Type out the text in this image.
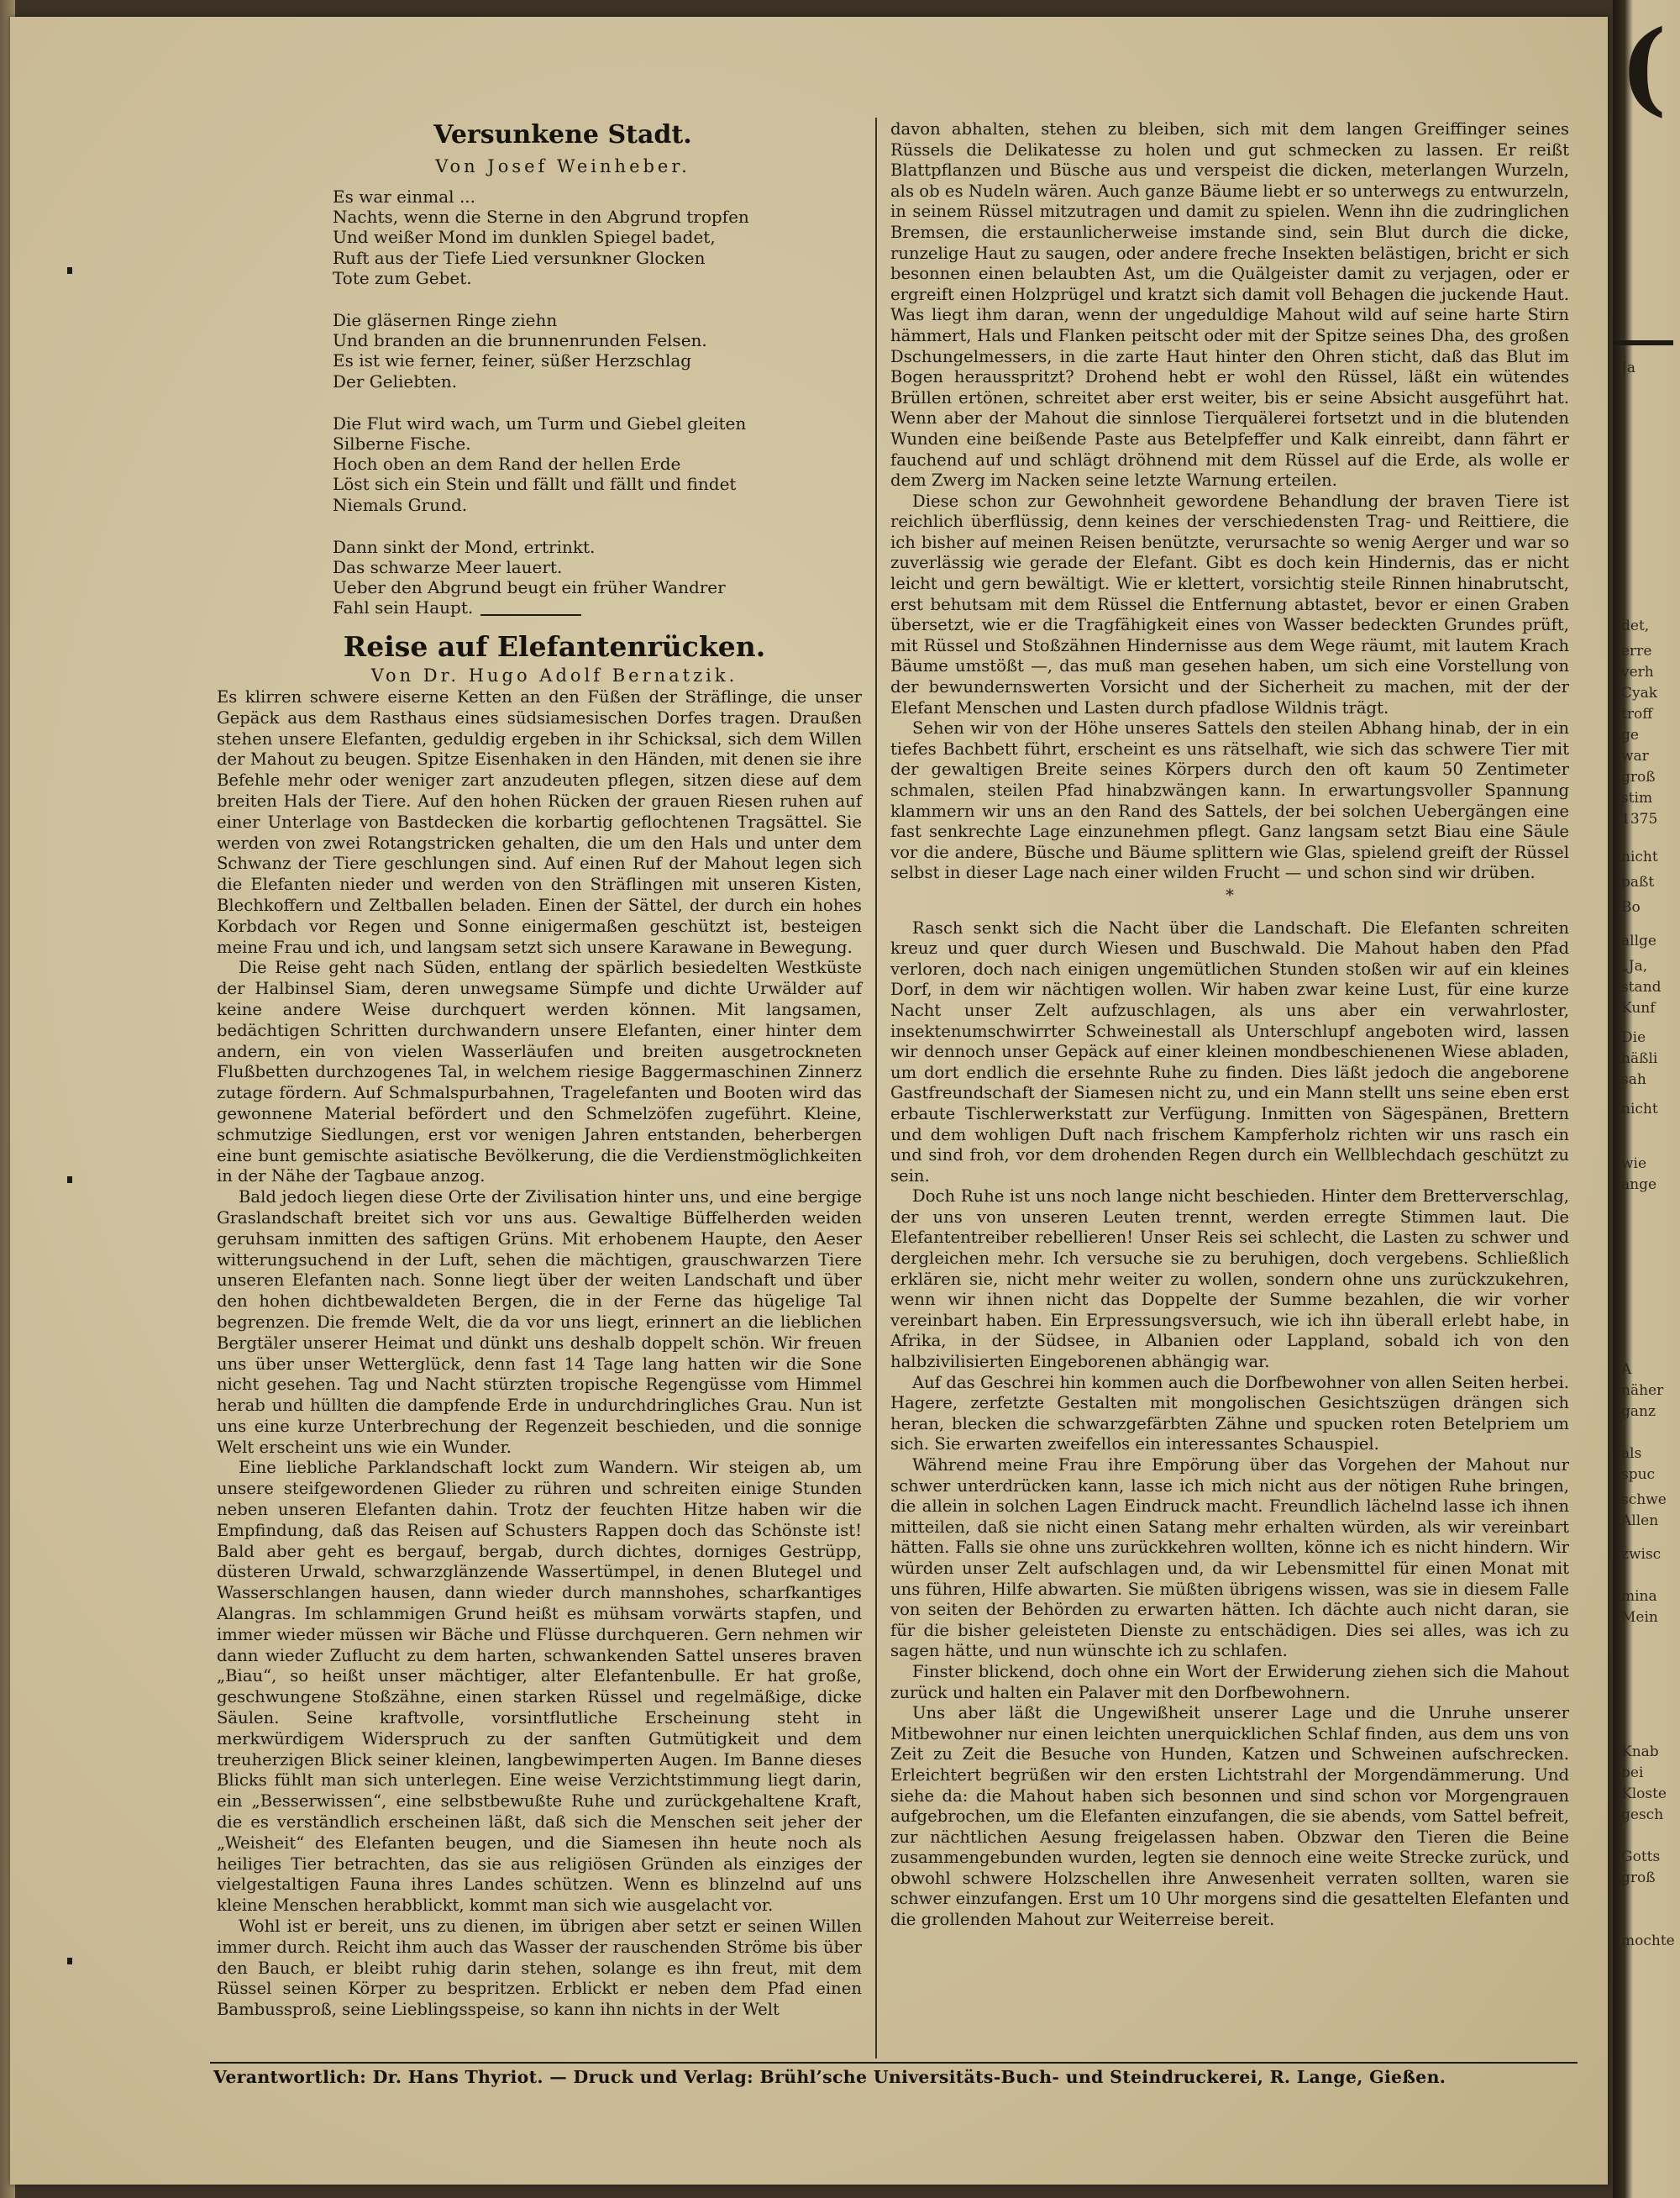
Versunkene Stadt.
Von Josef Weinheber.
Es war einmal ...
Nachts, wenn die Sterne in den Abgrund tropfen
Und weißer Mond im dunklen Spiegel badet,
Ruft aus der Tiefe Lied versunkner Glocken
Tote zum Gebet.
Die gläsernen Ringe ziehn
Und branden an die brunnenrunden Felsen.
Es ist wie ferner, feiner, süßer Herzschlag
Der Geliebten.
Die Flut wird wach, um Turm und Giebel gleiten
Silberne Fische.
Hoch oben an dem Rand der hellen Erde
Löst sich ein Stein und fällt und fällt und findet
Niemals Grund.
Dann sinkt der Mond, ertrinkt.
Das schwarze Meer lauert.
Ueber den Abgrund beugt ein früher Wandrer
Fahl sein Haupt.
Reise auf Elefantenrücken.
Von Dr. Hugo Adolf Bernatzik.

Es klirren schwere eiserne Ketten an den Füßen der Sträflinge, die unser Gepäck aus dem Rasthaus eines südsiamesischen Dorfes tragen. Draußen stehen unsere Elefanten, geduldig ergeben in ihr Schicksal, sich dem Willen der Mahout zu beugen. Spitze Eisenhaken in den Händen, mit denen sie ihre Befehle mehr oder weniger zart anzudeuten pflegen, sitzen diese auf dem breiten Hals der Tiere. Auf den hohen Rücken der grauen Riesen ruhen auf einer Unterlage von Bastdecken die korbartig geflochtenen Tragsättel. Sie werden von zwei Rotangstricken gehalten, die um den Hals und unter dem Schwanz der Tiere geschlungen sind. Auf einen Ruf der Mahout legen sich die Elefanten nieder und werden von den Sträflingen mit unseren Kisten, Blechkoffern und Zeltballen beladen. Einen der Sättel, der durch ein hohes Korbdach vor Regen und Sonne einigermaßen geschützt ist, besteigen meine Frau und ich, und langsam setzt sich unsere Karawane in Bewegung.

Die Reise geht nach Süden, entlang der spärlich besiedelten Westküste der Halbinsel Siam, deren unwegsame Sümpfe und dichte Urwälder auf keine andere Weise durchquert werden können. Mit langsamen, bedächtigen Schritten durchwandern unsere Elefanten, einer hinter dem andern, ein von vielen Wasserläufen und breiten ausgetrockneten Flußbetten durchzogenes Tal, in welchem riesige Baggermaschinen Zinnerz zutage fördern. Auf Schmalspurbahnen, Tragelefanten und Booten wird das gewonnene Material befördert und den Schmelzöfen zugeführt. Kleine, schmutzige Siedlungen, erst vor wenigen Jahren entstanden, beherbergen eine bunt gemischte asiatische Bevölkerung, die die Verdienstmöglichkeiten in der Nähe der Tagbaue anzog.

Bald jedoch liegen diese Orte der Zivilisation hinter uns, und eine bergige Graslandschaft breitet sich vor uns aus. Gewaltige Büffelherden weiden geruhsam inmitten des saftigen Grüns. Mit erhobenem Haupte, den Aeser witterungsuchend in der Luft, sehen die mächtigen, grauschwarzen Tiere unseren Elefanten nach. Sonne liegt über der weiten Landschaft und über den hohen dichtbewaldeten Bergen, die in der Ferne das hügelige Tal begrenzen. Die fremde Welt, die da vor uns liegt, erinnert an die lieblichen Bergtäler unserer Heimat und dünkt uns deshalb doppelt schön. Wir freuen uns über unser Wetterglück, denn fast 14 Tage lang hatten wir die Sone nicht gesehen. Tag und Nacht stürzten tropische Regengüsse vom Himmel herab und hüllten die dampfende Erde in undurchdringliches Grau. Nun ist uns eine kurze Unterbrechung der Regenzeit beschieden, und die sonnige Welt erscheint uns wie ein Wunder.

Eine liebliche Parklandschaft lockt zum Wandern. Wir steigen ab, um unsere steifgewordenen Glieder zu rühren und schreiten einige Stunden neben unseren Elefanten dahin. Trotz der feuchten Hitze haben wir die Empfindung, daß das Reisen auf Schusters Rappen doch das Schönste ist! Bald aber geht es bergauf, bergab, durch dichtes, dorniges Gestrüpp, düsteren Urwald, schwarzglänzende Wassertümpel, in denen Blutegel und Wasserschlangen hausen, dann wieder durch mannshohes, scharfkantiges Alangras. Im schlammigen Grund heißt es mühsam vorwärts stapfen, und immer wieder müssen wir Bäche und Flüsse durchqueren. Gern nehmen wir dann wieder Zuflucht zu dem harten, schwankenden Sattel unseres braven „Biau“, so heißt unser mächtiger, alter Elefantenbulle. Er hat große, geschwungene Stoßzähne, einen starken Rüssel und regelmäßige, dicke Säulen. Seine kraftvolle, vorsintflutliche Erscheinung steht in merkwürdigem Widerspruch zu der sanften Gutmütigkeit und dem treuherzigen Blick seiner kleinen, langbewimperten Augen. Im Banne dieses Blicks fühlt man sich unterlegen. Eine weise Verzichtstimmung liegt darin, ein „Besserwissen“, eine selbstbewußte Ruhe und zurückgehaltene Kraft, die es verständlich erscheinen läßt, daß sich die Menschen seit jeher der „Weisheit“ des Elefanten beugen, und die Siamesen ihn heute noch als heiliges Tier betrachten, das sie aus religiösen Gründen als einziges der vielgestaltigen Fauna ihres Landes schützen. Wenn es blinzelnd auf uns kleine Menschen herabblickt, kommt man sich wie ausgelacht vor.

Wohl ist er bereit, uns zu dienen, im übrigen aber setzt er seinen Willen immer durch. Reicht ihm auch das Wasser der rauschenden Ströme bis über den Bauch, er bleibt ruhig darin stehen, solange es ihn freut, mit dem Rüssel seinen Körper zu bespritzen. Erblickt er neben dem Pfad einen Bambussproß, seine Lieblingsspeise, so kann ihn nichts in der Welt

davon abhalten, stehen zu bleiben, sich mit dem langen Greiffinger seines Rüssels die Delikatesse zu holen und gut schmecken zu lassen. Er reißt Blattpflanzen und Büsche aus und verspeist die dicken, meterlangen Wurzeln, als ob es Nudeln wären. Auch ganze Bäume liebt er so unterwegs zu entwurzeln, in seinem Rüssel mitzutragen und damit zu spielen. Wenn ihn die zudringlichen Bremsen, die erstaunlicherweise imstande sind, sein Blut durch die dicke, runzelige Haut zu saugen, oder andere freche Insekten belästigen, bricht er sich besonnen einen belaubten Ast, um die Quälgeister damit zu verjagen, oder er ergreift einen Holzprügel und kratzt sich damit voll Behagen die juckende Haut. Was liegt ihm daran, wenn der ungeduldige Mahout wild auf seine harte Stirn hämmert, Hals und Flanken peitscht oder mit der Spitze seines Dha, des großen Dschungelmessers, in die zarte Haut hinter den Ohren sticht, daß das Blut im Bogen herausspritzt? Drohend hebt er wohl den Rüssel, läßt ein wütendes Brüllen ertönen, schreitet aber erst weiter, bis er seine Absicht ausgeführt hat. Wenn aber der Mahout die sinnlose Tierquälerei fortsetzt und in die blutenden Wunden eine beißende Paste aus Betelpfeffer und Kalk einreibt, dann fährt er fauchend auf und schlägt dröhnend mit dem Rüssel auf die Erde, als wolle er dem Zwerg im Nacken seine letzte Warnung erteilen.

Diese schon zur Gewohnheit gewordene Behandlung der braven Tiere ist reichlich überflüssig, denn keines der verschiedensten Trag- und Reittiere, die ich bisher auf meinen Reisen benützte, verursachte so wenig Aerger und war so zuverlässig wie gerade der Elefant. Gibt es doch kein Hindernis, das er nicht leicht und gern bewältigt. Wie er klettert, vorsichtig steile Rinnen hinabrutscht, erst behutsam mit dem Rüssel die Entfernung abtastet, bevor er einen Graben übersetzt, wie er die Tragfähigkeit eines von Wasser bedeckten Grundes prüft, mit Rüssel und Stoßzähnen Hindernisse aus dem Wege räumt, mit lautem Krach Bäume umstößt —, das muß man gesehen haben, um sich eine Vorstellung von der bewundernswerten Vorsicht und der Sicherheit zu machen, mit der der Elefant Menschen und Lasten durch pfadlose Wildnis trägt.

Sehen wir von der Höhe unseres Sattels den steilen Abhang hinab, der in ein tiefes Bachbett führt, erscheint es uns rätselhaft, wie sich das schwere Tier mit der gewaltigen Breite seines Körpers durch den oft kaum 50 Zentimeter schmalen, steilen Pfad hinabzwängen kann. In erwartungsvoller Spannung klammern wir uns an den Rand des Sattels, der bei solchen Uebergängen eine fast senkrechte Lage einzunehmen pflegt. Ganz langsam setzt Biau eine Säule vor die andere, Büsche und Bäume splittern wie Glas, spielend greift der Rüssel selbst in dieser Lage nach einer wilden Frucht — und schon sind wir drüben.

*

Rasch senkt sich die Nacht über die Landschaft. Die Elefanten schreiten kreuz und quer durch Wiesen und Buschwald. Die Mahout haben den Pfad verloren, doch nach einigen ungemütlichen Stunden stoßen wir auf ein kleines Dorf, in dem wir nächtigen wollen. Wir haben zwar keine Lust, für eine kurze Nacht unser Zelt aufzuschlagen, als uns aber ein verwahrloster, insektenumschwirrter Schweinestall als Unterschlupf angeboten wird, lassen wir dennoch unser Gepäck auf einer kleinen mondbeschienenen Wiese abladen, um dort endlich die ersehnte Ruhe zu finden. Dies läßt jedoch die angeborene Gastfreundschaft der Siamesen nicht zu, und ein Mann stellt uns seine eben erst erbaute Tischlerwerkstatt zur Verfügung. Inmitten von Sägespänen, Brettern und dem wohligen Duft nach frischem Kampferholz richten wir uns rasch ein und sind froh, vor dem drohenden Regen durch ein Wellblechdach geschützt zu sein.

Doch Ruhe ist uns noch lange nicht beschieden. Hinter dem Bretterverschlag, der uns von unseren Leuten trennt, werden erregte Stimmen laut. Die Elefantentreiber rebellieren! Unser Reis sei schlecht, die Lasten zu schwer und dergleichen mehr. Ich versuche sie zu beruhigen, doch vergebens. Schließlich erklären sie, nicht mehr weiter zu wollen, sondern ohne uns zurückzukehren, wenn wir ihnen nicht das Doppelte der Summe bezahlen, die wir vorher vereinbart haben. Ein Erpressungsversuch, wie ich ihn überall erlebt habe, in Afrika, in der Südsee, in Albanien oder Lappland, sobald ich von den halbzivilisierten Eingeborenen abhängig war.

Auf das Geschrei hin kommen auch die Dorfbewohner von allen Seiten herbei. Hagere, zerfetzte Gestalten mit mongolischen Gesichtszügen drängen sich heran, blecken die schwarzgefärbten Zähne und spucken roten Betelpriem um sich. Sie erwarten zweifellos ein interessantes Schauspiel.

Während meine Frau ihre Empörung über das Vorgehen der Mahout nur schwer unterdrücken kann, lasse ich mich nicht aus der nötigen Ruhe bringen, die allein in solchen Lagen Eindruck macht. Freundlich lächelnd lasse ich ihnen mitteilen, daß sie nicht einen Satang mehr erhalten würden, als wir vereinbart hätten. Falls sie ohne uns zurückkehren wollten, könne ich es nicht hindern. Wir würden unser Zelt aufschlagen und, da wir Lebensmittel für einen Monat mit uns führen, Hilfe abwarten. Sie müßten übrigens wissen, was sie in diesem Falle von seiten der Behörden zu erwarten hätten. Ich dächte auch nicht daran, sie für die bisher geleisteten Dienste zu entschädigen. Dies sei alles, was ich zu sagen hätte, und nun wünschte ich zu schlafen.

Finster blickend, doch ohne ein Wort der Erwiderung ziehen sich die Mahout zurück und halten ein Palaver mit den Dorfbewohnern.

Uns aber läßt die Ungewißheit unserer Lage und die Unruhe unserer Mitbewohner nur einen leichten unerquicklichen Schlaf finden, aus dem uns von Zeit zu Zeit die Besuche von Hunden, Katzen und Schweinen aufschrecken. Erleichtert begrüßen wir den ersten Lichtstrahl der Morgendämmerung. Und siehe da: die Mahout haben sich besonnen und sind schon vor Morgengrauen aufgebrochen, um die Elefanten einzufangen, die sie abends, vom Sattel befreit, zur nächtlichen Aesung freigelassen haben. Obzwar den Tieren die Beine zusammengebunden wurden, legten sie dennoch eine weite Strecke zurück, und obwohl schwere Holzschellen ihre Anwesenheit verraten sollten, waren sie schwer einzufangen. Erst um 10 Uhr morgens sind die gesattelten Elefanten und die grollenden Mahout zur Weiterreise bereit.

Verantwortlich: Dr. Hans Thyriot. — Druck und Verlag: Brühl’sche Universitäts-Buch- und Steindruckerei, R. Lange, Gießen.
(
Ja
det,
erre
verh
Cyak
troff
ge
war
groß
stim
1375
nicht
paßt
Bo
allge
„Ja,
stand
Kunf
Die
häßli
sah
nicht
wie
ange
A
näher
ganz
als
spuc
schwe
Allen
zwisc
mina
Mein
Knab
bei
Kloste
gesch
Gotts
groß
mochte
